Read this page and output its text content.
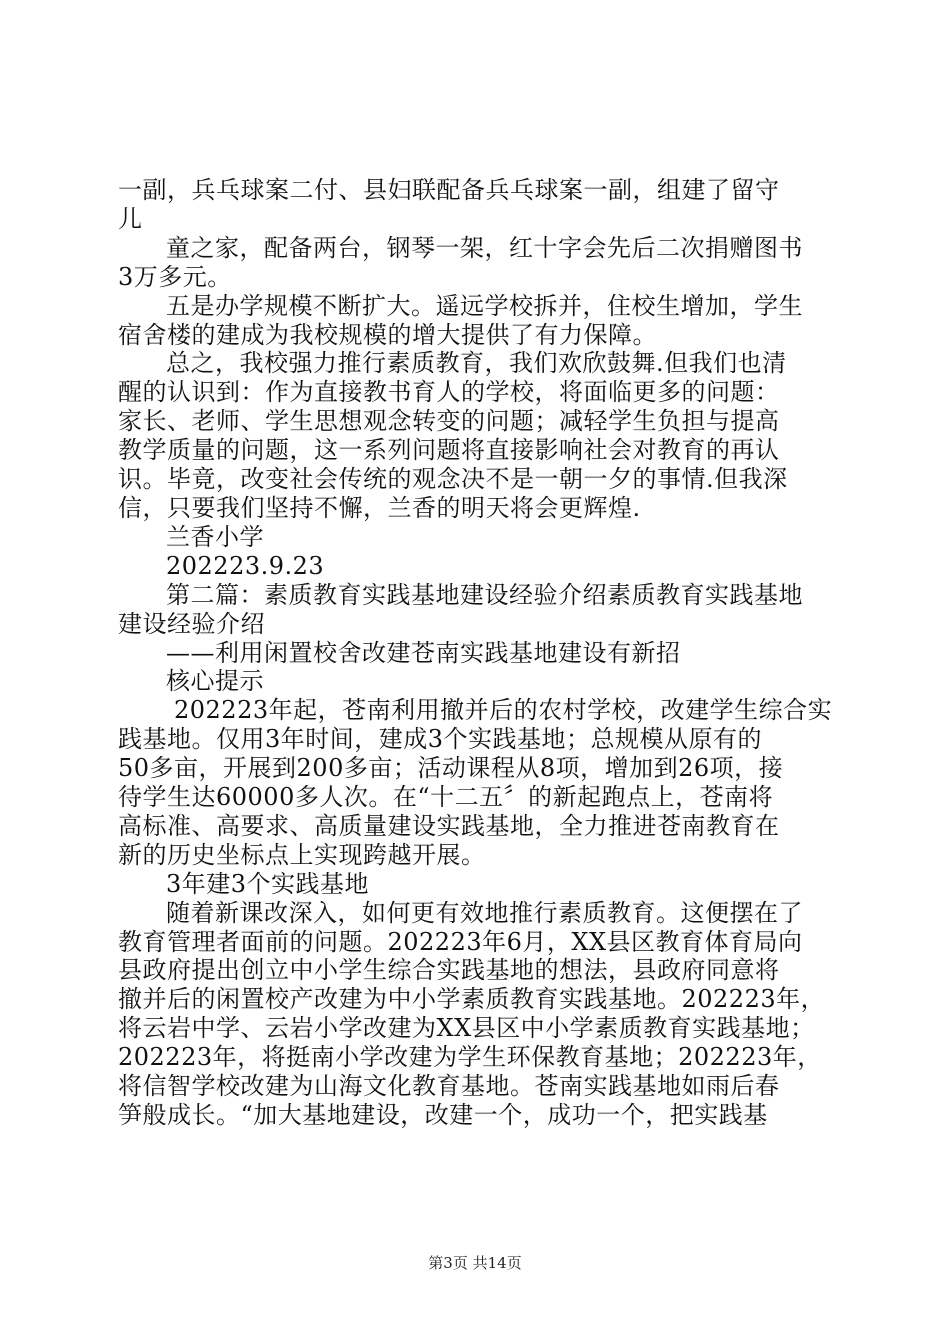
一副，兵乓球案二付、县妇联配备兵乓球案一副，组建了留守

儿

童之家，配备两台，钢琴一架，红十字会先后二次捐赠图书

3万多元。

五是办学规模不断扩大。遥远学校拆并，住校生增加，学生

宿舍楼的建成为我校规模的增大提供了有力保障。

总之，我校强力推行素质教育，我们欢欣鼓舞.但我们也清

醒的认识到：作为直接教书育人的学校，将面临更多的问题：

家长、老师、学生思想观念转变的问题；减轻学生负担与提高

教学质量的问题，这一系列问题将直接影响社会对教育的再认

识。毕竟，改变社会传统的观念决不是一朝一夕的事情.但我深

信，只要我们坚持不懈，兰香的明天将会更辉煌.

兰香小学

202223.9.23

第二篇：素质教育实践基地建设经验介绍素质教育实践基地

建设经验介绍

——利用闲置校舍改建苍南实践基地建设有新招

核心提示

202223年起，苍南利用撤并后的农村学校，改建学生综合实

践基地。仅用3年时间，建成3个实践基地；总规模从原有的

50多亩，开展到200多亩；活动课程从8项，增加到26项，接

待学生达60000多人次。在“十二五〞的新起跑点上，苍南将

高标准、高要求、高质量建设实践基地，全力推进苍南教育在

新的历史坐标点上实现跨越开展。

3年建3个实践基地

随着新课改深入，如何更有效地推行素质教育。这便摆在了

教育管理者面前的问题。202223年6月，XX县区教育体育局向

县政府提出创立中小学生综合实践基地的想法，县政府同意将

撤并后的闲置校产改建为中小学素质教育实践基地。202223年，

将云岩中学、云岩小学改建为XX县区中小学素质教育实践基地；

202223年，将挺南小学改建为学生环保教育基地；202223年，

将信智学校改建为山海文化教育基地。苍南实践基地如雨后春

笋般成长。“加大基地建设，改建一个，成功一个，把实践基

第3页 共14页
